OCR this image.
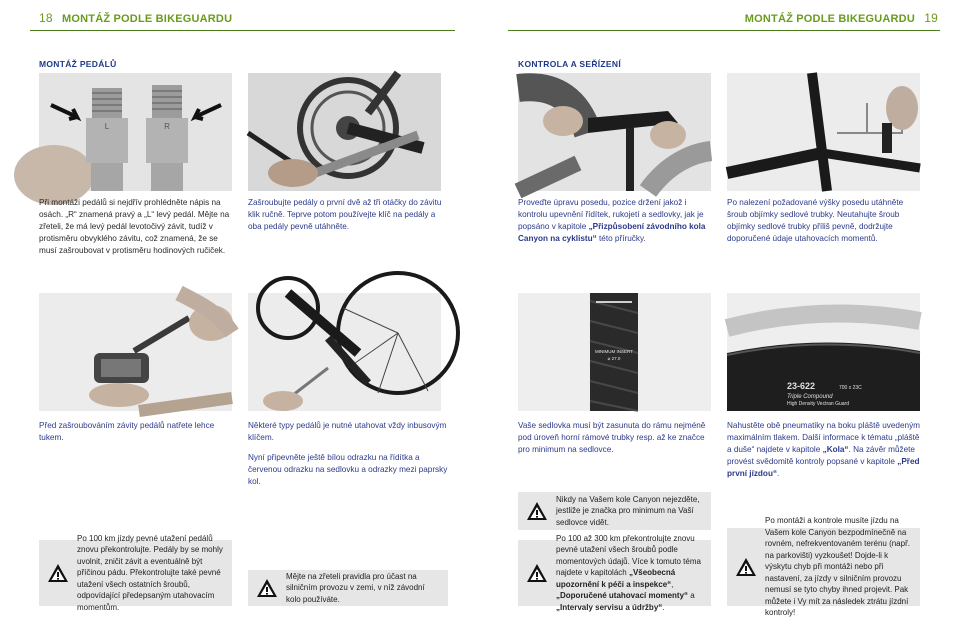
18 MONTÁŽ PODLE BIKEGUARDU	MONTÁŽ PODLE BIKEGUARDU 19
MONTÁŽ PEDÁLŮ	KONTROLA A SEŘÍZENÍ
L	R
Při montáži pedálů si nejdřív prohlédněte nápis na osách. „R“ znamená pravý a „L“ levý pedál. Mějte na zřeteli, že má levý pedál levotočivý závit, tudíž v protisměru obvyklého závitu, což znamená, že se musí zašroubovat v protisměru hodinových ručiček.
Zašroubujte pedály o první dvě až tři otáčky do závitu klik ručně. Teprve potom používejte klíč na pedály a oba pedály pevně utáhněte.
Proveďte úpravu posedu, pozice držení jakož i kontrolu upevnění řídítek, rukojetí a sedlovky, jak je popsáno v kapitole „Přizpůsobení závodního kola Canyon na cyklistu“ této příručky.
Po nalezení požadované výšky posedu utáhněte šroub objímky sedlové trubky. Neutahujte šroub objímky sedlové trubky příliš pevně, dodržujte doporučené údaje utahovacích momentů.
MINIMUM INSERT
⌀ 27.0
23-622	700 x 23C
Triple Compound
High Density Vectran Guard
Před zašroubováním závity pedálů natřete lehce tukem.
Některé typy pedálů je nutné utahovat vždy inbusovým klíčem.
Nyní připevněte ještě bílou odrazku na řídítka a červenou odrazku na sedlovku a odrazky mezi paprsky kol.
Vaše sedlovka musí být zasunuta do rámu nejméně pod úroveň horní rámové trubky resp. až ke značce pro minimum na sedlovce.
Nahustěte obě pneumatiky na boku pláště uvedeným maximálním tlakem. Další informace k tématu „pláště a duše“ najdete v kapitole „Kola“. Na závěr můžete provést svědomitě kontroly popsané v kapitole „Před první jízdou“.
Nikdy na Vašem kole Canyon nejezděte, jestliže je značka pro minimum na Vaší sedlovce vidět.
Po 100 km jízdy pevné utažení pedálů znovu překontrolujte. Pedály by se mohly uvolnit, zničit závit a eventuálně být příčinou pádu. Překontrolujte také pevné utažení všech ostatních šroubů, odpovídající předepsaným utahovacím momentům.
Mějte na zřeteli pravidla pro účast na silničním provozu v zemi, v níž závodní kolo používáte.
Po 100 až 300 km překontrolujte znovu pevné utažení všech šroubů podle momentových údajů. Více k tomuto téma najdete v kapitolách „Všeobecná upozornění k péči a inspekce“, „Doporučené utahovací momenty“ a „Intervaly servisu a údržby“.
Po montáži a kontrole musíte jízdu na Vašem kole Canyon bezpodmínečně na rovném, nefrekventovaném terénu (např. na parkovišti) vyzkoušet! Dojde-li k výskytu chyb při montáži nebo při nastavení, za jízdy v silničním provozu nemusí se tyto chyby ihned projevit. Pak můžete i Vy mít za následek ztrátu jízdní kontroly!
